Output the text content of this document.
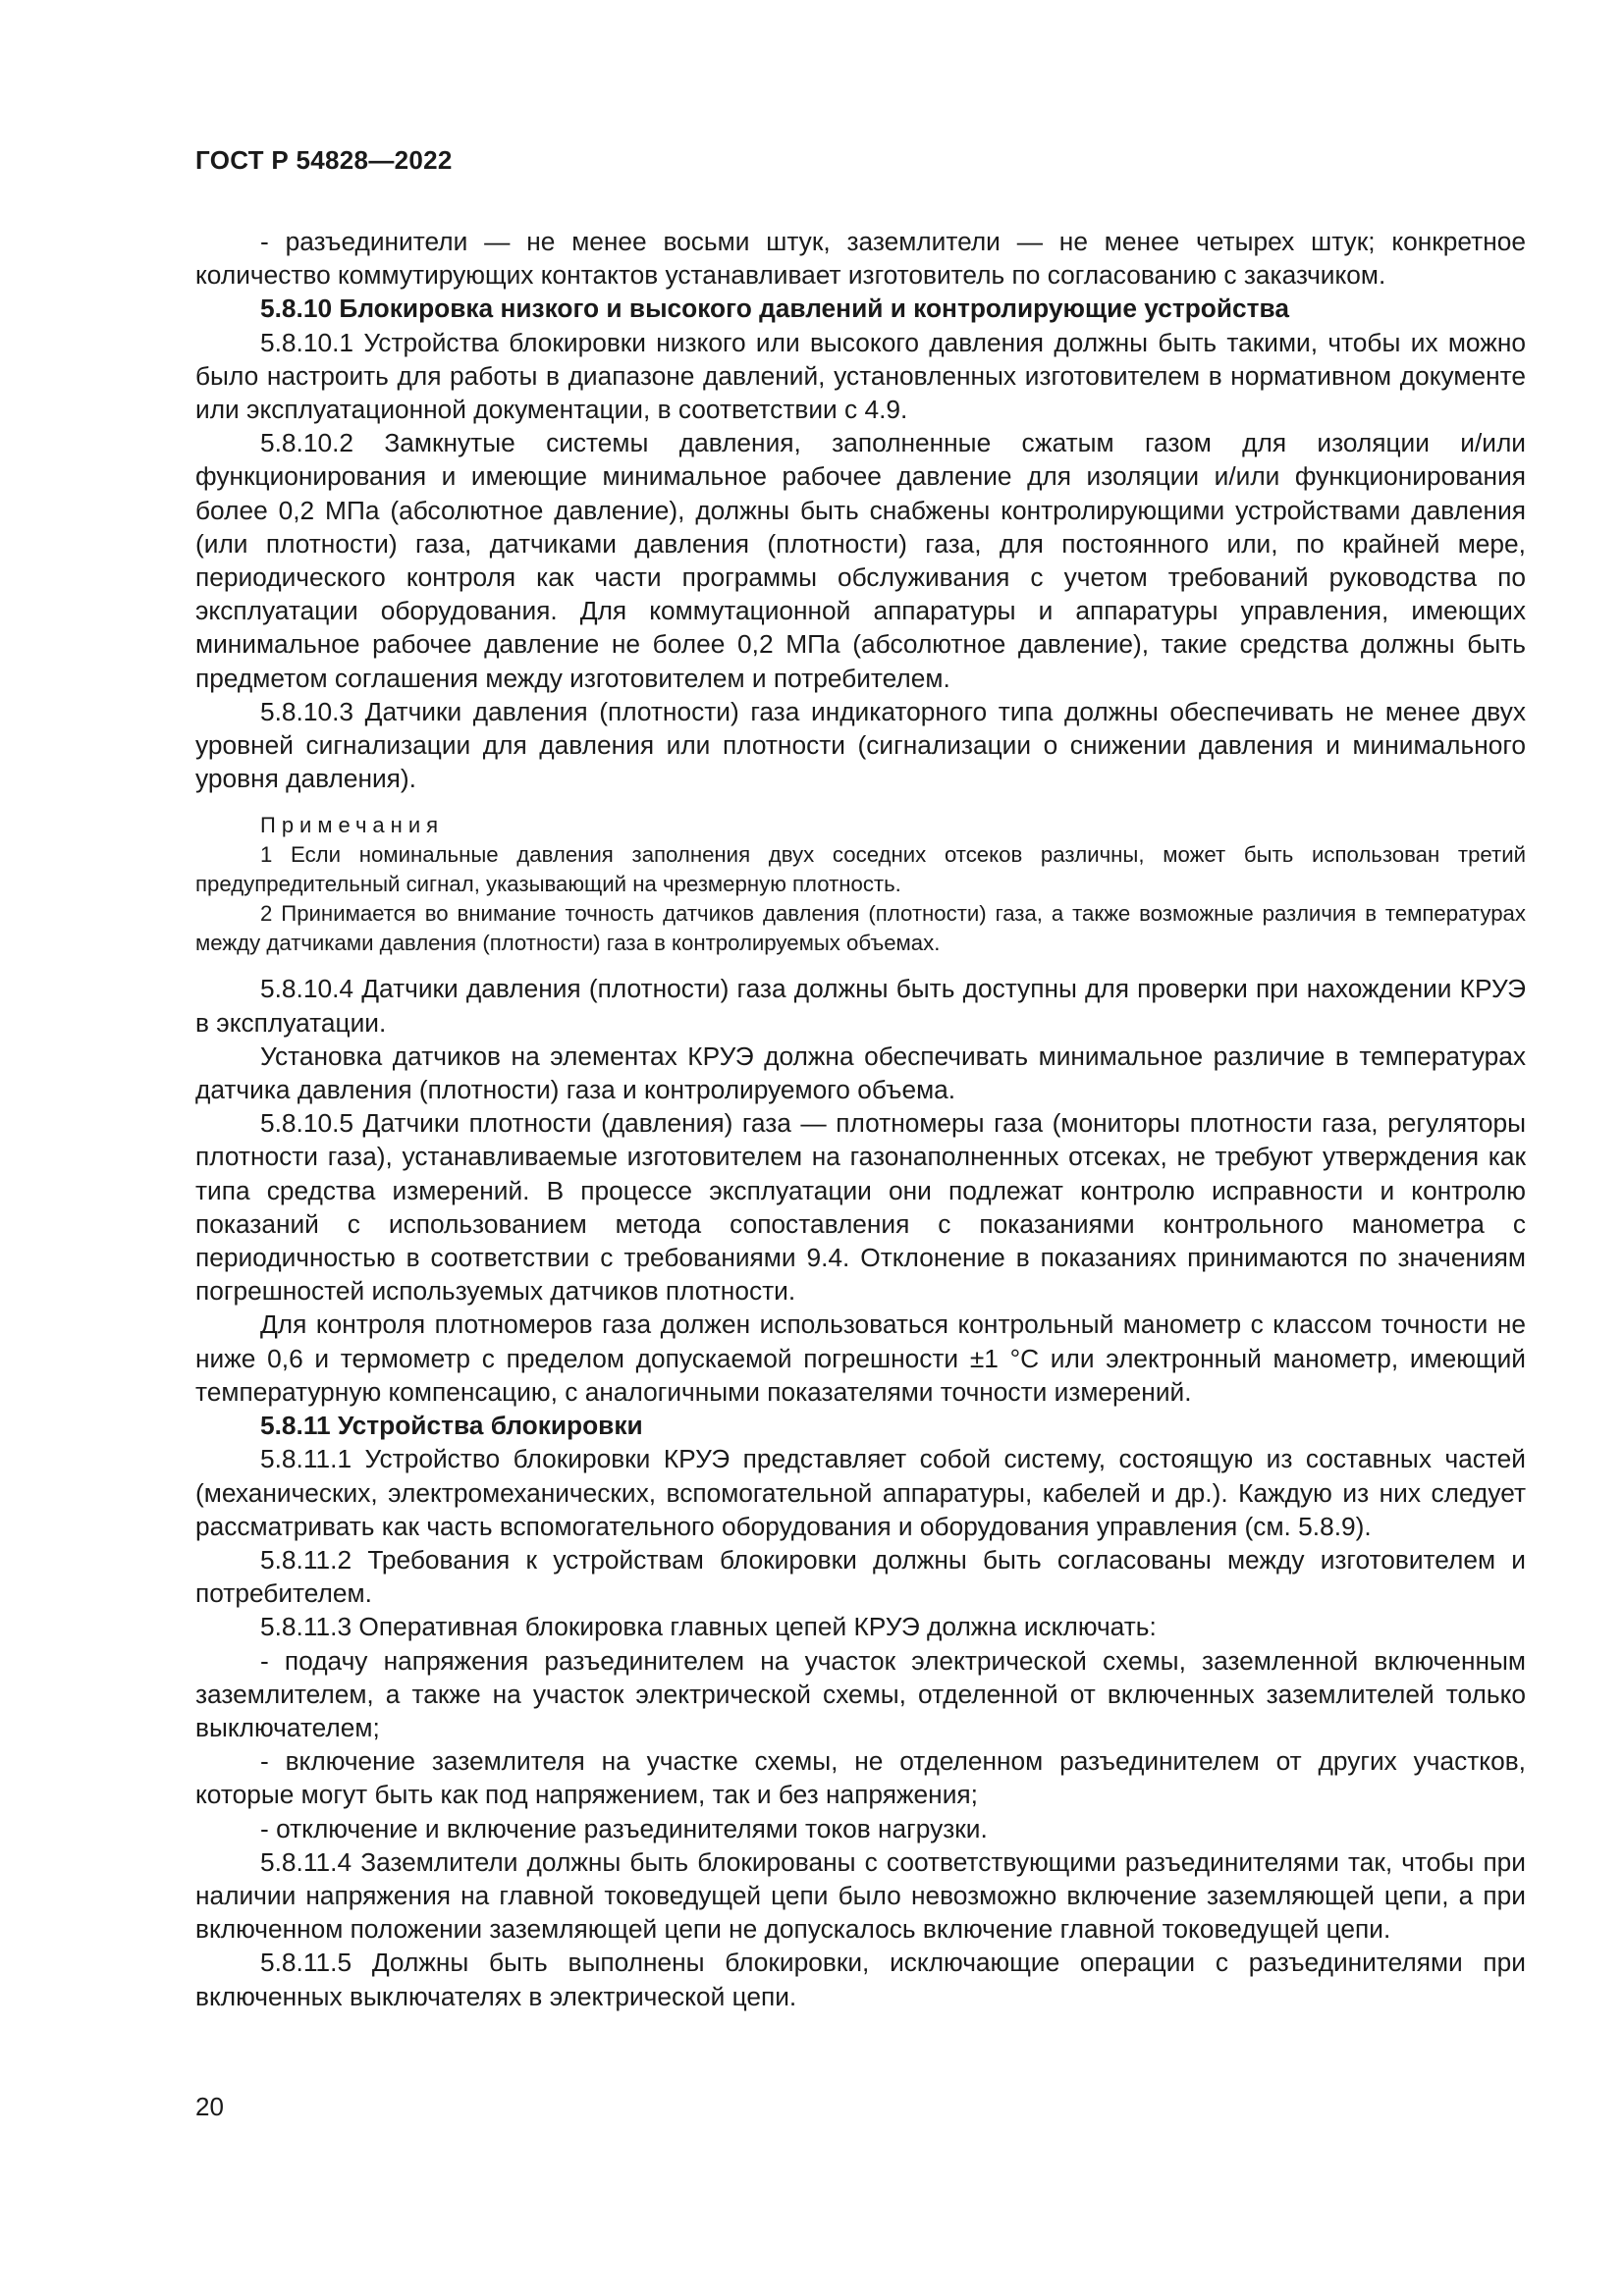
ГОСТ Р 54828—2022

- разъединители — не менее восьми штук, заземлители — не менее четырех штук; конкретное количество коммутирующих контактов устанавливает изготовитель по согласованию с заказчиком.

5.8.10 Блокировка низкого и высокого давлений и контролирующие устройства

5.8.10.1 Устройства блокировки низкого или высокого давления должны быть такими, чтобы их можно было настроить для работы в диапазоне давлений, установленных изготовителем в нормативном документе или эксплуатационной документации, в соответствии с 4.9.

5.8.10.2 Замкнутые системы давления, заполненные сжатым газом для изоляции и/или функционирования и имеющие минимальное рабочее давление для изоляции и/или функционирования более 0,2 МПа (абсолютное давление), должны быть снабжены контролирующими устройствами давления (или плотности) газа, датчиками давления (плотности) газа, для постоянного или, по крайней мере, периодического контроля как части программы обслуживания с учетом требований руководства по эксплуатации оборудования. Для коммутационной аппаратуры и аппаратуры управления, имеющих минимальное рабочее давление не более 0,2 МПа (абсолютное давление), такие средства должны быть предметом соглашения между изготовителем и потребителем.

5.8.10.3 Датчики давления (плотности) газа индикаторного типа должны обеспечивать не менее двух уровней сигнализации для давления или плотности (сигнализации о снижении давления и минимального уровня давления).

Примечания

1 Если номинальные давления заполнения двух соседних отсеков различны, может быть использован третий предупредительный сигнал, указывающий на чрезмерную плотность.

2 Принимается во внимание точность датчиков давления (плотности) газа, а также возможные различия в температурах между датчиками давления (плотности) газа в контролируемых объемах.

5.8.10.4 Датчики давления (плотности) газа должны быть доступны для проверки при нахождении КРУЭ в эксплуатации.

Установка датчиков на элементах КРУЭ должна обеспечивать минимальное различие в температурах датчика давления (плотности) газа и контролируемого объема.

5.8.10.5 Датчики плотности (давления) газа — плотномеры газа (мониторы плотности газа, регуляторы плотности газа), устанавливаемые изготовителем на газонаполненных отсеках, не требуют утверждения как типа средства измерений. В процессе эксплуатации они подлежат контролю исправности и контролю показаний с использованием метода сопоставления с показаниями контрольного манометра с периодичностью в соответствии с требованиями 9.4. Отклонение в показаниях принимаются по значениям погрешностей используемых датчиков плотности.

Для контроля плотномеров газа должен использоваться контрольный манометр с классом точности не ниже 0,6 и термометр с пределом допускаемой погрешности ±1 °С или электронный манометр, имеющий температурную компенсацию, с аналогичными показателями точности измерений.

5.8.11 Устройства блокировки

5.8.11.1 Устройство блокировки КРУЭ представляет собой систему, состоящую из составных частей (механических, электромеханических, вспомогательной аппаратуры, кабелей и др.). Каждую из них следует рассматривать как часть вспомогательного оборудования и оборудования управления (см. 5.8.9).

5.8.11.2 Требования к устройствам блокировки должны быть согласованы между изготовителем и потребителем.

5.8.11.3 Оперативная блокировка главных цепей КРУЭ должна исключать:

- подачу напряжения разъединителем на участок электрической схемы, заземленной включенным заземлителем, а также на участок электрической схемы, отделенной от включенных заземлителей только выключателем;

- включение заземлителя на участке схемы, не отделенном разъединителем от других участков, которые могут быть как под напряжением, так и без напряжения;

- отключение и включение разъединителями токов нагрузки.

5.8.11.4 Заземлители должны быть блокированы с соответствующими разъединителями так, чтобы при наличии напряжения на главной токоведущей цепи было невозможно включение заземляющей цепи, а при включенном положении заземляющей цепи не допускалось включение главной токоведущей цепи.

5.8.11.5 Должны быть выполнены блокировки, исключающие операции с разъединителями при включенных выключателях в электрической цепи.

20
